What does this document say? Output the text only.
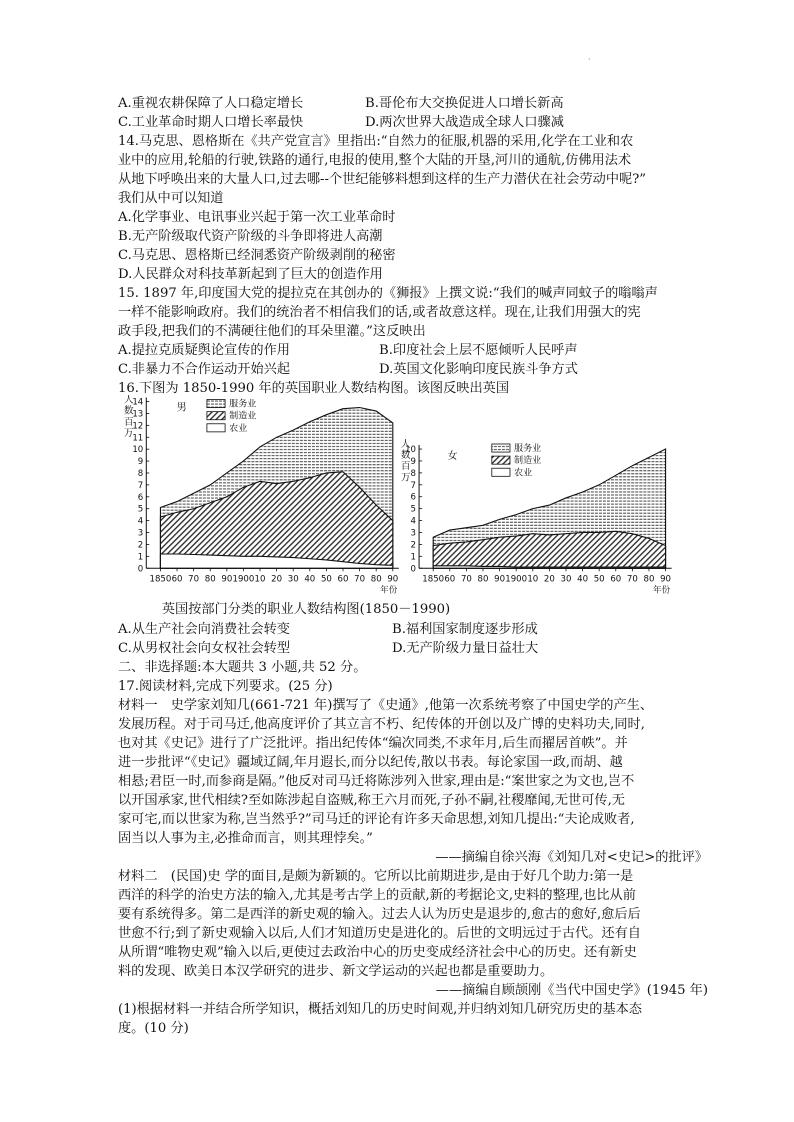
·
A.重视农耕保障了人口稳定增长	B.哥伦布大交换促进人口增长新高
C.工业革命时期人口增长率最快	D.两次世界大战造成全球人口骤减
14.马克思、恩格斯在《共产党宣言》里指出:“自然力的征服,机器的采用,化学在工业和农
业中的应用,轮船的行驶,铁路的通行,电报的使用,整个大陆的开垦,河川的通航,仿佛用法术
从地下呼唤出来的大量人口,过去哪--个世纪能够料想到这样的生产力潜伏在社会劳动中呢?”
我们从中可以知道
A.化学事业、电讯事业兴起于第一次工业革命时
B.无产阶级取代资产阶级的斗争即将进人高潮
C.马克思、恩格斯已经洞悉资产阶级剥削的秘密
D.人民群众对科技革新起到了巨大的创造作用
15. 1897 年,印度国大党的提拉克在其创办的《狮报》上撰文说:“我们的喊声同蚊子的嗡嗡声
一样不能影响政府。我们的统治者不相信我们的话,或者故意这样。现在,让我们用强大的宪
政手段,把我们的不满硬往他们的耳朵里灌。”这反映出
A.提拉克质疑舆论宣传的作用	B.印度社会上层不愿倾听人民呼声
C.非暴力不合作运动开始兴起	D.英国文化影响印度民族斗争方式
16.下图为 1850-1990 年的英国职业人数结构图。该图反映出英国
0
1
2
3
4
5
6
7
8
9
10
11
12
13
14
1850 60 70 80 90 1900 10 20 30 40 50 60 70 80 90
年份
人
数
百
万
男	服务业
制造业
农业
0
1
2
3
4
5
6
7
8
9
10
1850 60 70 80 90 1900 10 20 30 40 50 60 70 80 90
年份
人
数
百
万
女
服务业
制造业
农业
英国按部门分类的职业人数结构图(1850－1990)
A.从生产社会向消费社会转变	B.福利国家制度逐步形成
C.从男权社会向女权社会转型	D.无产阶级力量日益壮大
二、非选择题:本大题共 3 小题,共 52 分。
17.阅读材料,完成下列要求。(25 分)
材料一　史学家刘知几(661-721 年)撰写了《史通》,他第一次系统考察了中国史学的产生、
发展历程。对于司马迁,他高度评价了其立言不朽、纪传体的开创以及广博的史料功夫,同时,
也对其《史记》进行了广泛批评。指出纪传体“编次同类,不求年月,后生而擢居首帙”。并
进一步批评“《史记》疆域辽阔,年月遐长,而分以纪传,散以书表。每论家国一政,而胡、越
相悬;君臣一时,而参商是隔。”他反对司马迁将陈涉列入世家,理由是:“案世家之为文也,岂不
以开国承家,世代相续?至如陈涉起自盗贼,称王六月而死,子孙不嗣,社稷靡闻,无世可传,无
家可宅,而以世家为称,岂当然乎?”司马迁的评论有许多天命思想,刘知几提出:“夫论成败者,
固当以人事为主,必推命而言，则其理悖矣。”
——摘编自徐兴海《刘知几对<史记>的批评》
材料二　(民国)史 学的面目,是颇为新颖的。它所以比前期进步,是由于好几个助力:第一是
西洋的科学的治史方法的输入,尤其是考古学上的贡献,新的考据论文,史料的整理,也比从前
要有系统得多。第二是西洋的新史观的输入。过去人认为历史是退步的,愈古的愈好,愈后后
世愈不行;到了新史观输入以后,人们才知道历史是进化的。后世的文明远过于古代。还有自
从所谓“唯物史观”输入以后,更使过去政治中心的历史变成经济社会中心的历史。还有新史
料的发现、欧美日本汉学研究的进步、新文学运动的兴起也都是重要助力。
——摘编自顾颉刚《当代中国史学》(1945 年)
(1)根据材料一并结合所学知识，概括刘知几的历史时间观,并归纳刘知几研究历史的基本态
度。(10 分)
